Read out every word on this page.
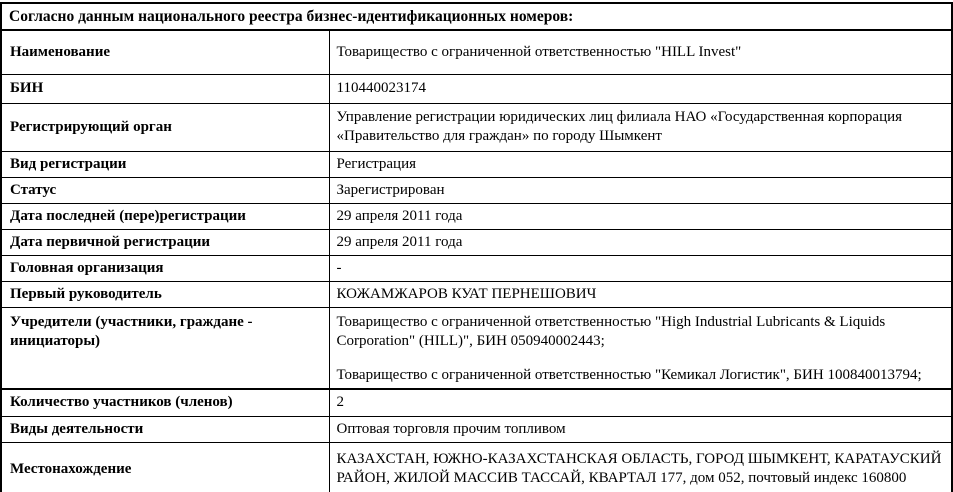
Согласно данным национального реестра бизнес-идентификационных номеров:	
Наименование	Товарищество с ограниченной ответственностью "HILL Invest"
БИН	110440023174
Регистрирующий орган	Управление регистрации юридических лиц филиала НАО «Государственная корпорация «Правительство для граждан» по городу Шымкент
Вид регистрации	Регистрация
Статус	Зарегистрирован
Дата последней (пере)регистрации	29 апреля 2011 года
Дата первичной регистрации	29 апреля 2011 года
Головная организация	-
Первый руководитель	КОЖАМЖАРОВ КУАТ ПЕРНЕШОВИЧ
Учредители (участники, граждане - инициаторы)	Товарищество с ограниченной ответственностью "High Industrial Lubricants & Liquids Corporation" (HILL)", БИН 050940002443;

Товарищество с ограниченной ответственностью "Кемикал Логистик", БИН 100840013794;

Количество участников (членов)	2
Виды деятельности	Оптовая торговля прочим топливом
Местонахождение	КАЗАХСТАН, ЮЖНО-КАЗАХСТАНСКАЯ ОБЛАСТЬ, ГОРОД ШЫМКЕНТ, КАРАТАУСКИЙ РАЙОН, ЖИЛОЙ МАССИВ ТАССАЙ, КВАРТАЛ 177, дом 052, почтовый индекс 160800
